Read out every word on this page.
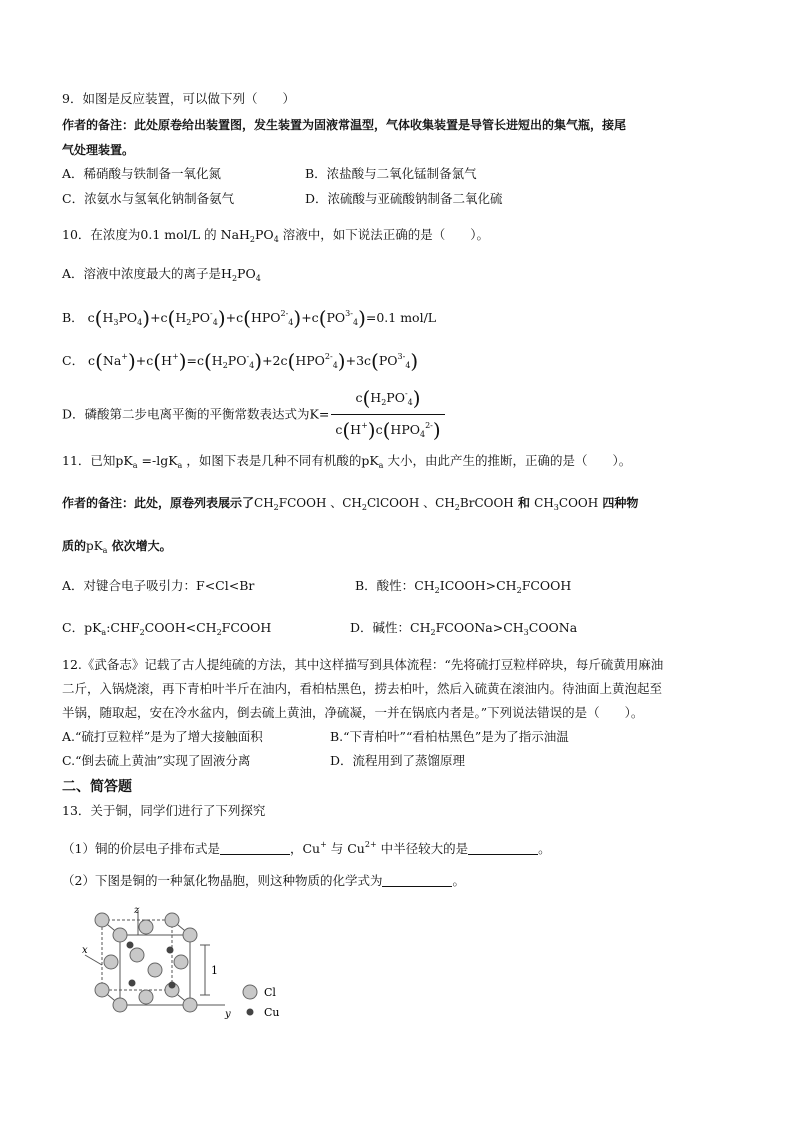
9．如图是反应装置，可以做下列（　　）
作者的备注：此处原卷给出装置图，发生装置为固液常温型，气体收集装置是导管长进短出的集气瓶，接尾
气处理装置。
A．稀硝酸与铁制备一氧化氮	B．浓盐酸与二氧化锰制备氯气
C．浓氨水与氢氧化钠制备氨气	D．浓硫酸与亚硫酸钠制备二氧化硫
10．在浓度为0.1 mol/L 的 $NaH_2PO_4$ 溶液中，如下说法正确的是（　　）。
A．溶液中浓度最大的离子是$H_2PO_4$
B． $c(H_3PO_4)+c(H_2PO^-_4)+c(HPO^{2-}_4)+c(PO^{3-}_4)=0.1$ mol/L
C． $c(Na^+)+c(H^+)=c(H_2PO^-_4)+2c(HPO^{2-}_4)+3c(PO^{3-}_4)$
D．磷酸第二步电离平衡的平衡常数表达式为$K= \frac{c(H_2PO^-_4)}{c(H^+)c(HPO_4^{2-})}$
11．已知$pK_a =-\lg K_a$ ，如图下表是几种不同有机酸的$pK_a$ 大小，由此产生的推断，正确的是（　　）。
作者的备注：此处，原卷列表展示了$CH_2FCOOH$ 、$CH_2ClCOOH$ 、$CH_2BrCOOH$ 和 $CH_3COOH$ 四种物
质的$pK_a$ 依次增大。
A．对键合电子吸引力：F<Cl<Br	B．酸性：$CH_2ICOOH>CH_2FCOOH$
C．$pK_a:CHF_2COOH<CH_2FCOOH$	D．碱性：$CH_2FCOONa>CH_3COONa$
12.《武备志》记载了古人提纯硫的方法，其中这样描写到具体流程：“先将硫打豆粒样碎块，每斤硫黄用麻油
二斤，入锅烧滚，再下青柏叶半斤在油内，看柏枯黑色，捞去柏叶，然后入硫黄在滚油内。待油面上黄泡起至
半锅，随取起，安在冷水盆内，倒去硫上黄油，净硫凝，一并在锅底内者是。”下列说法错误的是（　　）。
A.“硫打豆粒样”是为了增大接触面积	B.“下青柏叶”“看柏枯黑色”是为了指示油温
C.“倒去硫上黄油”实现了固液分离	D．流程用到了蒸馏原理
二、简答题
13．关于铜，同学们进行了下列探究
（1）铜的价层电子排布式是	，Cu+ 与 $Cu^{2+}$ 中半径较大的是	。
（2）下图是铜的一种氯化物晶胞，则这种物质的化学式为	。
x
z
y
1
Cl
Cu
